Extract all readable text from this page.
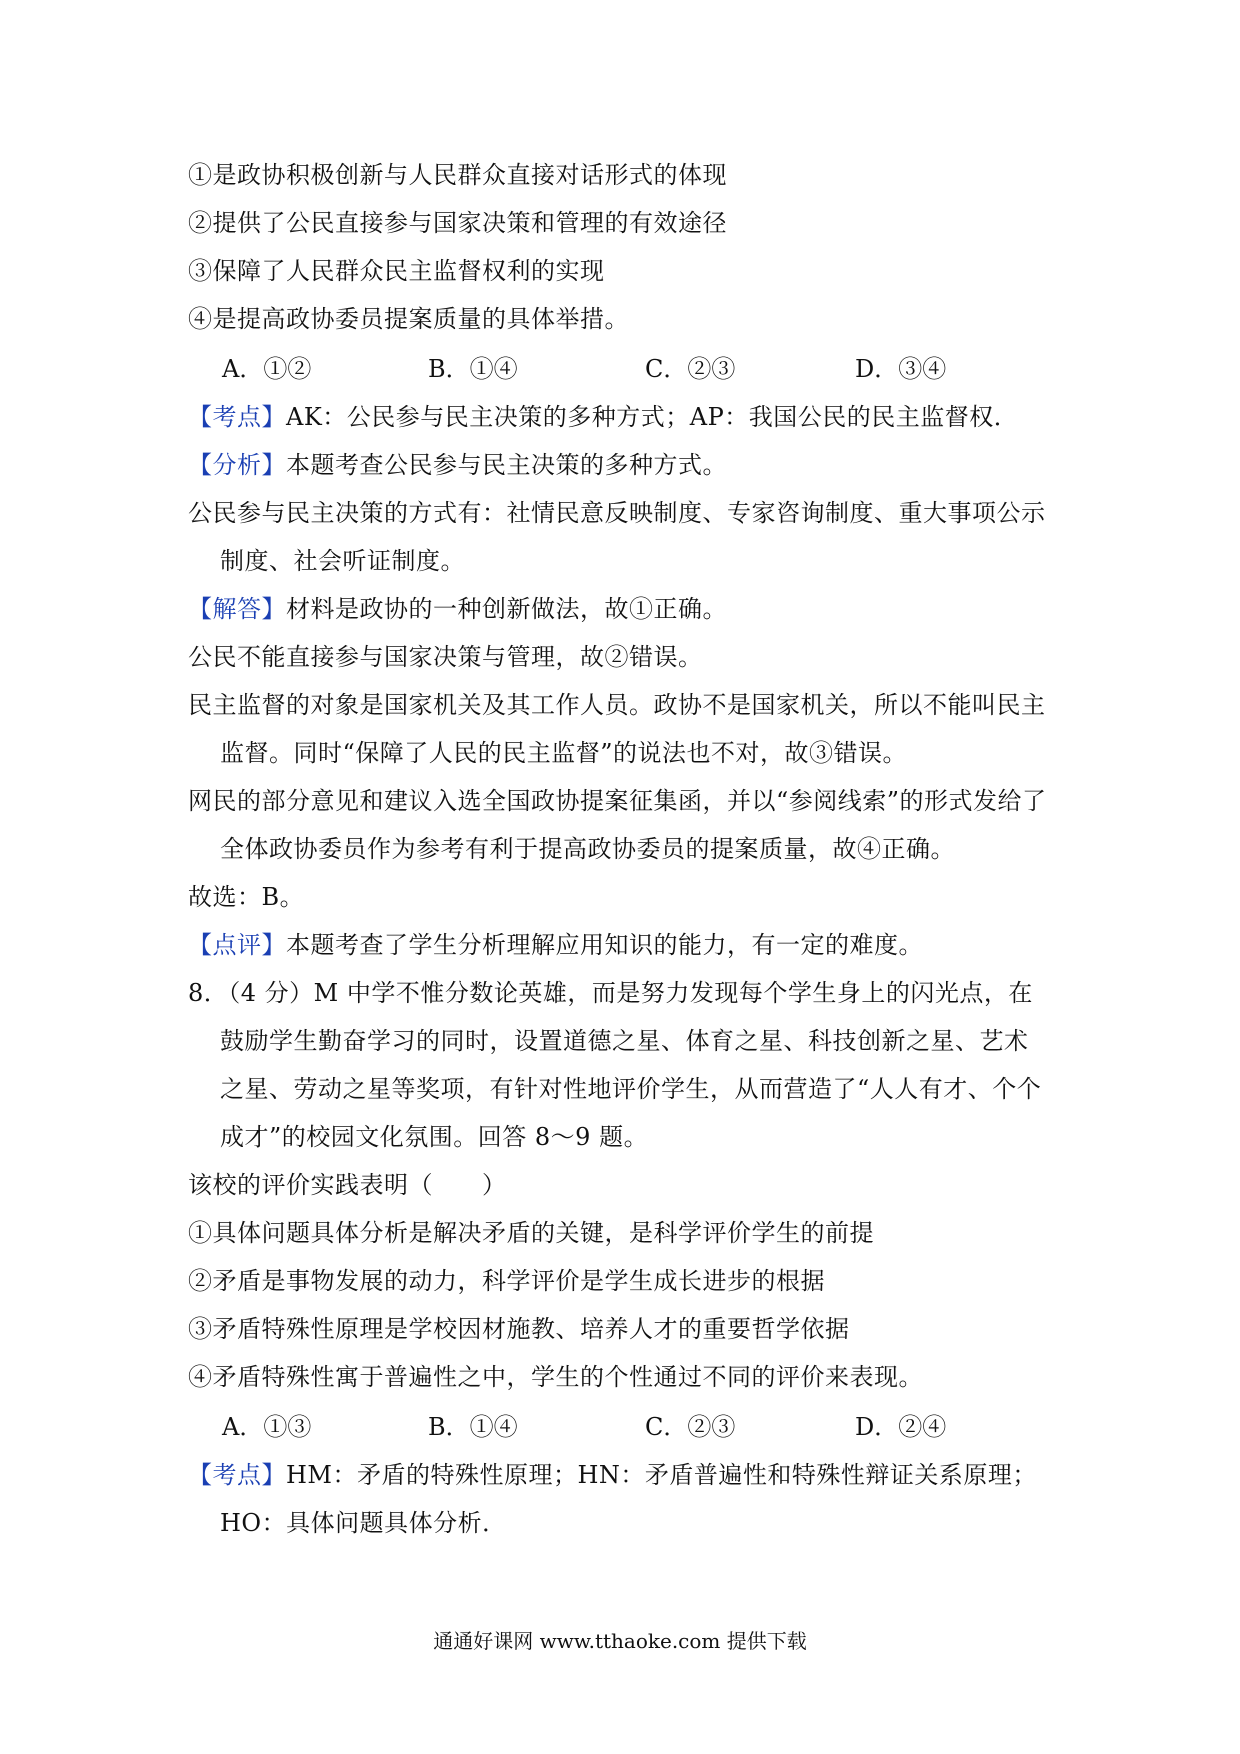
①是政协积极创新与人民群众直接对话形式的体现
②提供了公民直接参与国家决策和管理的有效途径
③保障了人民群众民主监督权利的实现
④是提高政协委员提案质量的具体举措。
A．①②	B．①④	C．②③	D．③④
【考点】AK：公民参与民主决策的多种方式；AP：我国公民的民主监督权．
【分析】本题考查公民参与民主决策的多种方式。
公民参与民主决策的方式有：社情民意反映制度、专家咨询制度、重大事项公示
制度、社会听证制度。
【解答】材料是政协的一种创新做法，故①正确。
公民不能直接参与国家决策与管理，故②错误。
民主监督的对象是国家机关及其工作人员。政协不是国家机关，所以不能叫民主
监督。同时“保障了人民的民主监督”的说法也不对，故③错误。
网民的部分意见和建议入选全国政协提案征集函，并以“参阅线索”的形式发给了
全体政协委员作为参考有利于提高政协委员的提案质量，故④正确。
故选：B。
【点评】本题考查了学生分析理解应用知识的能力，有一定的难度。
8．（4 分）M 中学不惟分数论英雄，而是努力发现每个学生身上的闪光点，在
鼓励学生勤奋学习的同时，设置道德之星、体育之星、科技创新之星、艺术
之星、劳动之星等奖项，有针对性地评价学生，从而营造了“人人有才、个个
成才”的校园文化氛围。回答 8～9 题。
该校的评价实践表明（　　）
①具体问题具体分析是解决矛盾的关键，是科学评价学生的前提
②矛盾是事物发展的动力，科学评价是学生成长进步的根据
③矛盾特殊性原理是学校因材施教、培养人才的重要哲学依据
④矛盾特殊性寓于普遍性之中，学生的个性通过不同的评价来表现。
A．①③	B．①④	C．②③	D．②④
【考点】HM：矛盾的特殊性原理；HN：矛盾普遍性和特殊性辩证关系原理；
HO：具体问题具体分析．
通通好课网 www.tthaoke.com 提供下载
